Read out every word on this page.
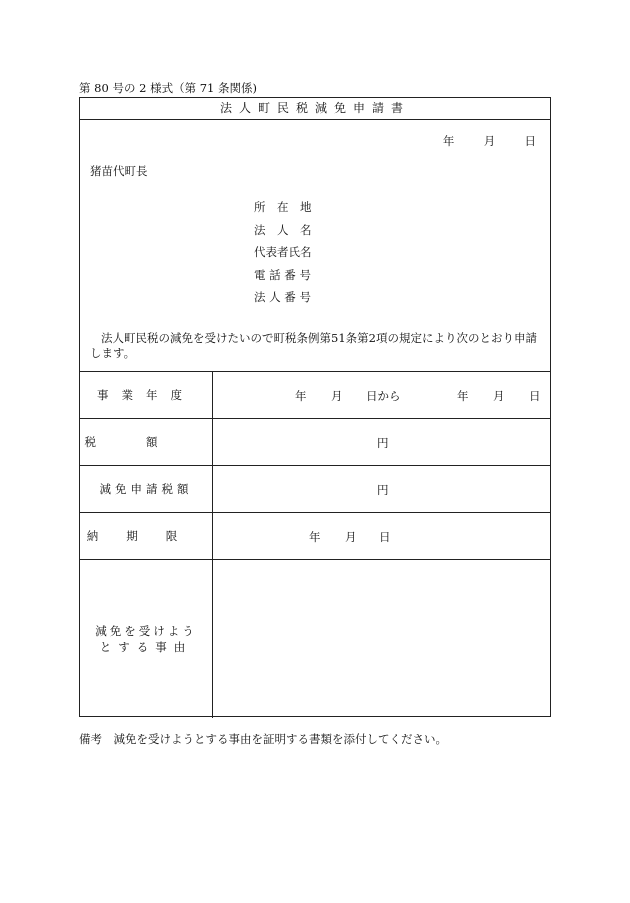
第 80 号の 2 様式（第 71 条関係)
法人町民税減免申請書
年	月	日
猪苗代町長
所　在　地
法　人　名
代表者氏名
電 話 番 号
法 人 番 号
法人町民税の減免を受けたいので町税条例第51条第2項の規定により次のとおり申請します。
事業年度	年 月 日から	年 月 日
税額	円
減免申請税額	円
納期限	年 月 日
減免を受けよう
とする事由
備考　減免を受けようとする事由を証明する書類を添付してください。
